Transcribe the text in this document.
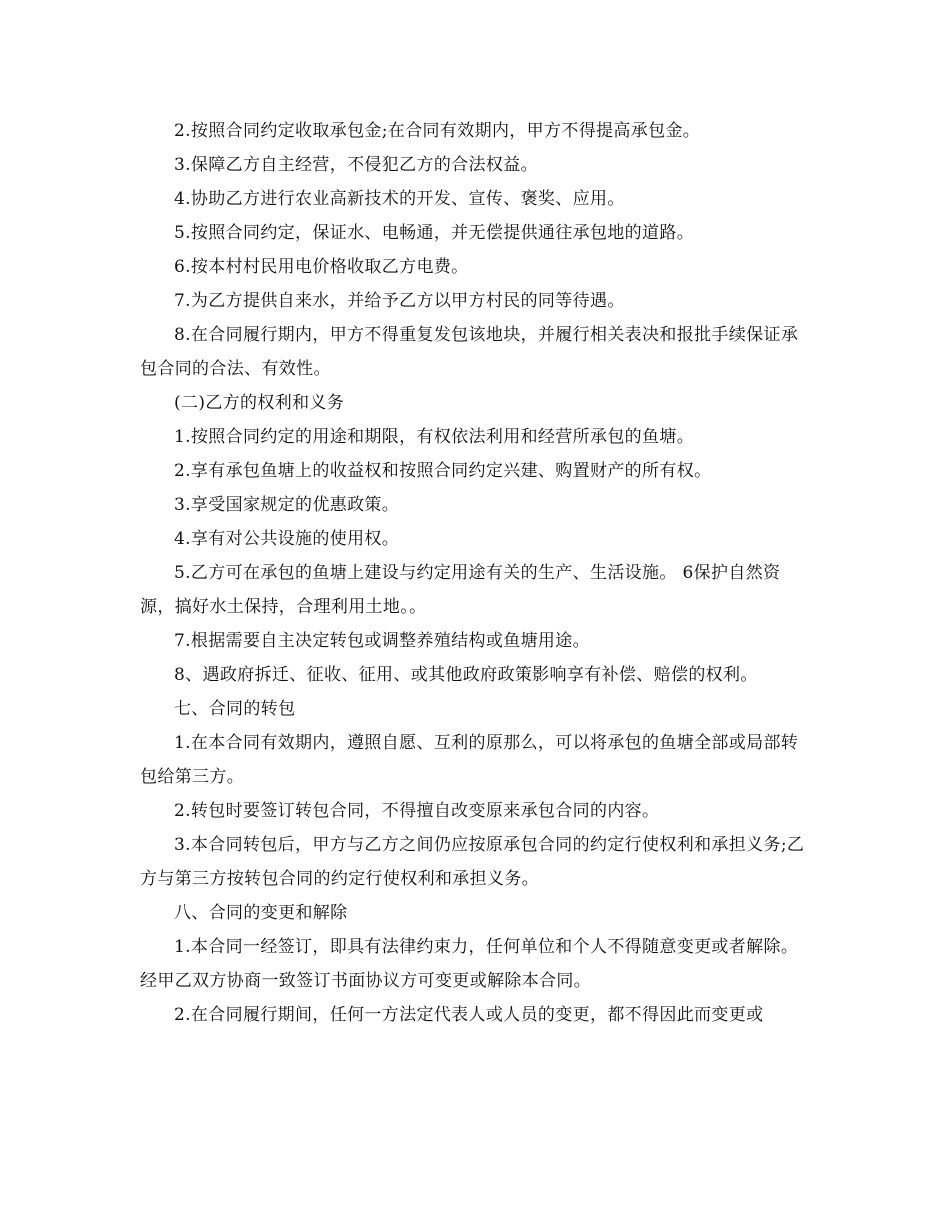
2.按照合同约定收取承包金;在合同有效期内，甲方不得提高承包金。

3.保障乙方自主经营，不侵犯乙方的合法权益。

4.协助乙方进行农业高新技术的开发、宣传、褒奖、应用。

5.按照合同约定，保证水、电畅通，并无偿提供通往承包地的道路。

6.按本村村民用电价格收取乙方电费。

7.为乙方提供自来水，并给予乙方以甲方村民的同等待遇。

8.在合同履行期内，甲方不得重复发包该地块，并履行相关表决和报批手续保证承包合同的合法、有效性。

(二)乙方的权利和义务

1.按照合同约定的用途和期限，有权依法利用和经营所承包的鱼塘。

2.享有承包鱼塘上的收益权和按照合同约定兴建、购置财产的所有权。

3.享受国家规定的优惠政策。

4.享有对公共设施的使用权。

5.乙方可在承包的鱼塘上建设与约定用途有关的生产、生活设施。 6保护自然资源，搞好水土保持，合理利用土地。。

7.根据需要自主决定转包或调整养殖结构或鱼塘用途。

8、遇政府拆迁、征收、征用、或其他政府政策影响享有补偿、赔偿的权利。

七、合同的转包

1.在本合同有效期内，遵照自愿、互利的原那么，可以将承包的鱼塘全部或局部转包给第三方。

2.转包时要签订转包合同，不得擅自改变原来承包合同的内容。

3.本合同转包后，甲方与乙方之间仍应按原承包合同的约定行使权利和承担义务;乙方与第三方按转包合同的约定行使权利和承担义务。

八、合同的变更和解除

1.本合同一经签订，即具有法律约束力，任何单位和个人不得随意变更或者解除。经甲乙双方协商一致签订书面协议方可变更或解除本合同。

2.在合同履行期间，任何一方法定代表人或人员的变更，都不得因此而变更或
